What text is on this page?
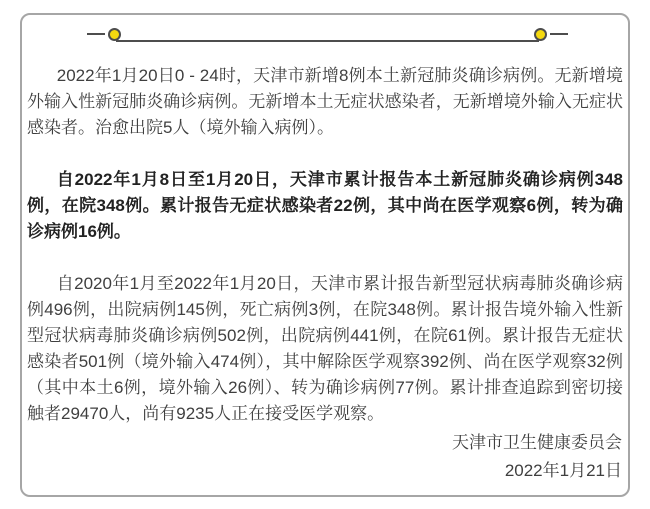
2022年1月20日0 - 24时，天津市新增8例本土新冠肺炎确诊病例。无新增境外输入性新冠肺炎确诊病例。无新增本土无症状感染者，无新增境外输入无症状感染者。治愈出院5人（境外输入病例）。

自2022年1月8日至1月20日，天津市累计报告本土新冠肺炎确诊病例348例，在院348例。累计报告无症状感染者22例，其中尚在医学观察6例，转为确诊病例16例。

自2020年1月至2022年1月20日，天津市累计报告新型冠状病毒肺炎确诊病例496例，出院病例145例，死亡病例3例，在院348例。累计报告境外输入性新型冠状病毒肺炎确诊病例502例，出院病例441例，在院61例。累计报告无症状感染者501例（境外输入474例），其中解除医学观察392例、尚在医学观察32例（其中本土6例，境外输入26例）、转为确诊病例77例。累计排查追踪到密切接触者29470人，尚有9235人正在接受医学观察。

天津市卫生健康委员会
2022年1月21日
